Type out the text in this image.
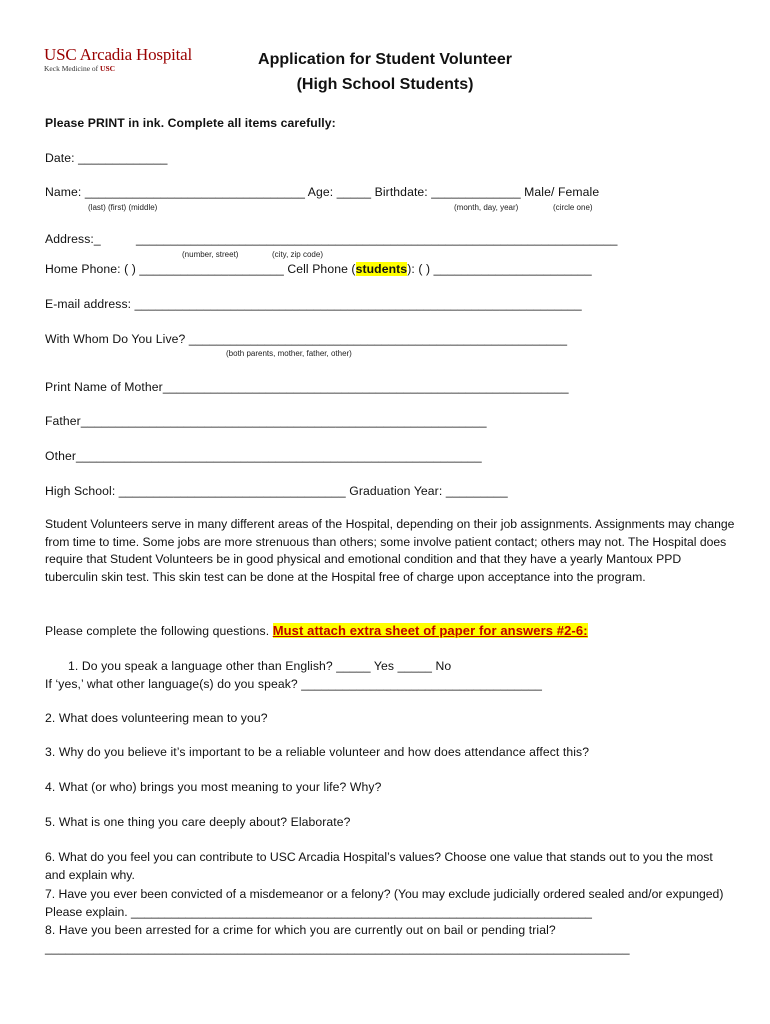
USC Arcadia Hospital
Keck Medicine of USC
Application for Student Volunteer
(High School Students)
Please PRINT in ink. Complete all items carefully:
Date: _____________
Name: ________________________________ Age: _____ Birthdate: _____________ Male/ Female
(last) (first) (middle)	(month, day, year)	(circle one)
Address:_	______________________________________________________________________
(number, street)	(city, zip code)
Home Phone: ( ) _____________________ Cell Phone (students): ( ) _______________________
E-mail address: _________________________________________________________________
With Whom Do You Live? _______________________________________________________
(both parents, mother, father, other)
Print Name of Mother___________________________________________________________
Father___________________________________________________________
Other___________________________________________________________
High School: _________________________________ Graduation Year: _________
Student Volunteers serve in many different areas of the Hospital, depending on their job assignments. Assignments may change from time to time. Some jobs are more strenuous than others; some involve patient contact; others may not. The Hospital does require that Student Volunteers be in good physical and emotional condition and that they have a yearly Mantoux PPD tuberculin skin test. This skin test can be done at the Hospital free of charge upon acceptance into the program.
Please complete the following questions. Must attach extra sheet of paper for answers #2-6:
1. Do you speak a language other than English? _____ Yes _____ No
If ‘yes,’ what other language(s) do you speak? ___________________________________
2. What does volunteering mean to you?
3. Why do you believe it’s important to be a reliable volunteer and how does attendance affect this?
4. What (or who) brings you most meaning to your life? Why?
5. What is one thing you care deeply about? Elaborate?
6. What do you feel you can contribute to USC Arcadia Hospital’s values? Choose one value that stands out to you the most and explain why.
7. Have you ever been convicted of a misdemeanor or a felony? (You may exclude judicially ordered sealed and/or expunged) Please explain. ____________________________________________________________________
8. Have you been arrested for a crime for which you are currently out on bail or pending trial?
_____________________________________________________________________________________
